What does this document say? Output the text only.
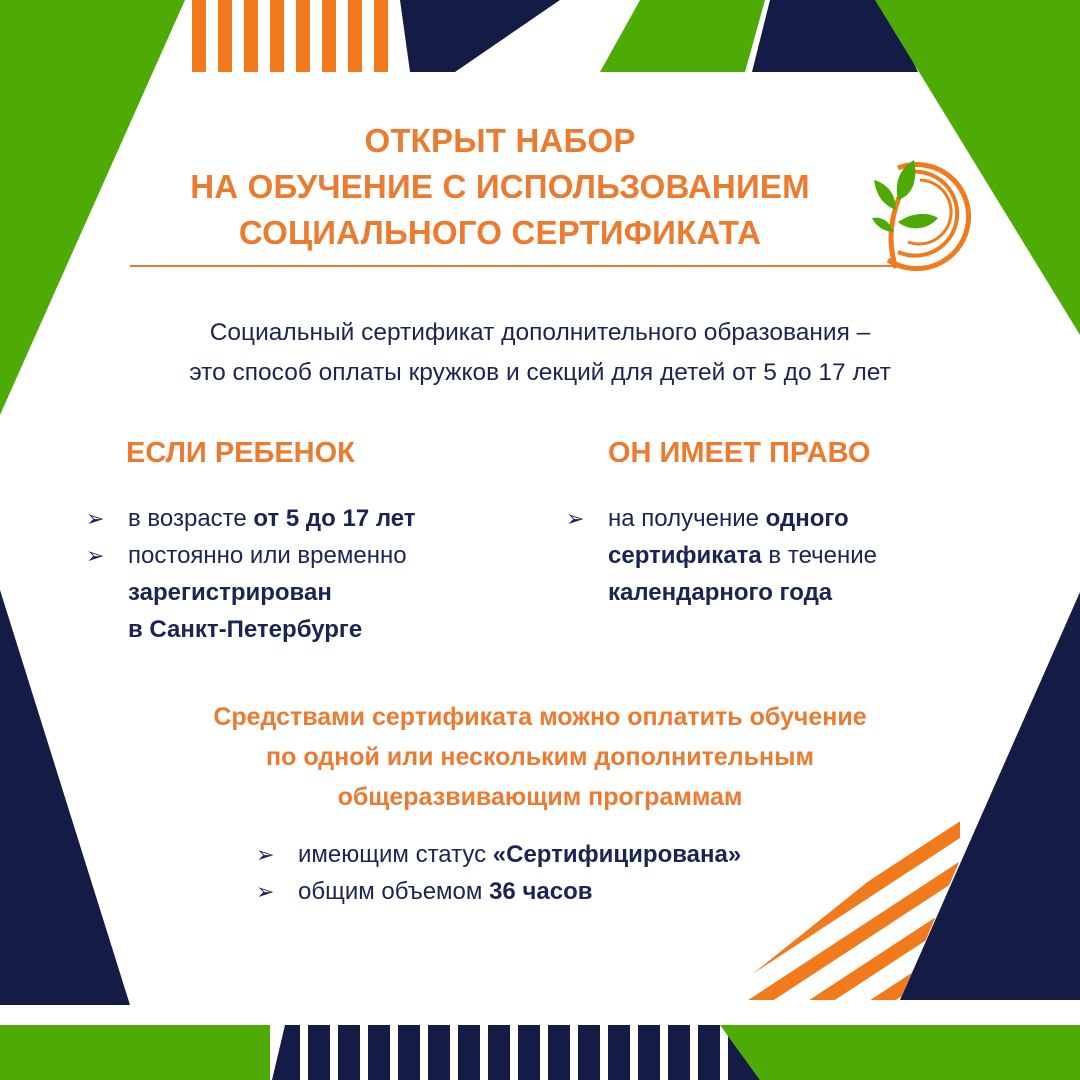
ОТКРЫТ НАБОР
НА ОБУЧЕНИЕ С ИСПОЛЬЗОВАНИЕМ
СОЦИАЛЬНОГО СЕРТИФИКАТА
Социальный сертификат дополнительного образования –
это способ оплаты кружков и секций для детей от 5 до 17 лет
ЕСЛИ РЕБЕНОК	ОН ИМЕЕТ ПРАВО
➢ в возрасте от 5 до 17 лет
➢ постоянно или временно
зарегистрирован
в Санкт-Петербурге
➢ на получение одного
сертификата в течение
календарного года
Средствами сертификата можно оплатить обучение
по одной или нескольким дополнительным
общеразвивающим программам
➢ имеющим статус «Сертифицирована»
➢ общим объемом 36 часов
